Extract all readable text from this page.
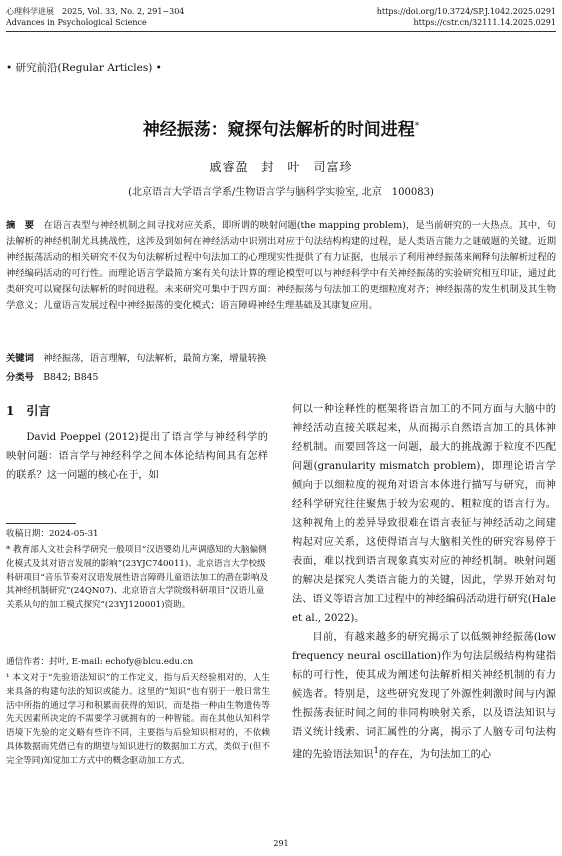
心理科学进展　2025, Vol. 33, No. 2, 291−304
Advances in Psychological Science
https://doi.org/10.3724/SP.J.1042.2025.0291
https://cstr.cn/32111.14.2025.0291
• 研究前沿(Regular Articles) •
神经振荡：窥探句法解析的时间进程*
戚睿盈　封　叶　司富珍
(北京语言大学语言学系/生物语言学与脑科学实验室, 北京　100083)
摘　要　 在语言表型与神经机制之间寻找对应关系，即所谓的映射问题(the mapping problem)，是当前研究的一大热点。其中，句法解析的神经机制尤具挑战性，这涉及到如何在神经活动中识别出对应于句法结构构建的过程，是人类语言能力之谜破题的关键。近期神经振荡活动的相关研究不仅为句法解析过程中句法加工的心理现实性提供了有力证据，也展示了利用神经振荡来阐释句法解析过程的神经编码活动的可行性。而理论语言学最简方案有关句法计算的理论模型可以与神经科学中有关神经振荡的实验研究相互印证，通过此类研究可以窥探句法解析的时间进程。未来研究可集中于四方面：神经振荡与句法加工的更细粒度对齐；神经振荡的发生机制及其生物学意义；儿童语言发展过程中神经振荡的变化模式；语言障碍神经生理基础及其康复应用。
关键词　 神经振荡，语言理解，句法解析，最简方案，增量转换
分类号　 B842; B845
1　引言
David Poeppel (2012)提出了语言学与神经科学的映射问题：语言学与神经科学之间本体论结构间具有怎样的联系？这一问题的核心在于，如
收稿日期：2024-05-31
* 教育部人文社会科学研究一般项目“汉语婴幼儿声调感知的大脑偏侧化模式及其对语言发展的影响”(23YJC740011)、北京语言大学校级科研项目“音乐节奏对汉语发展性语言障碍儿童语法加工的潜在影响及其神经机制研究”(24QN07)、北京语言大学院级科研项目“汉语儿童关系从句的加工模式探究”(23YJ120001)资助。
通信作者：封叶, E-mail: echofy@blcu.edu.cn
¹ 本文对于“先验语法知识”的工作定义，指与后天经验相对的，人生来具备的构建句法的知识或能力。这里的“知识”也有别于一般日常生活中所指的通过学习和积累而获得的知识，而是指一种由生物遗传等先天因素所决定的不需要学习就拥有的一种智能。而在其他认知科学语境下先验的定义略有些许不同，主要指与后验知识相对的，不依赖具体数据而凭借已有的期望与知识进行的数据加工方式，类似于(但不完全等同)知觉加工方式中的概念驱动加工方式。

何以一种诠释性的框架将语言加工的不同方面与大脑中的神经活动直接关联起来，从而揭示自然语言加工的具体神经机制。而要回答这一问题，最大的挑战源于粒度不匹配问题(granularity mismatch problem)，即理论语言学倾向于以细粒度的视角对语言本体进行描写与研究，而神经科学研究往往聚焦于较为宏观的、粗粒度的语言行为。这种视角上的差异导致很难在语言表征与神经活动之间建构起对应关系，这使得语言与大脑相关性的研究容易停于表面，难以找到语言现象真实对应的神经机制。映射问题的解决是探究人类语言能力的关键，因此，学界开始对句法、语义等语言加工过程中的神经编码活动进行研究(Hale et al., 2022)。

目前，有越来越多的研究揭示了以低频神经振荡(low frequency neural oscillation)作为句法层级结构构建指标的可行性，使其成为阐述句法解析相关神经机制的有力候选者。特别是，这些研究发现了外源性刺激时间与内源性振荡表征时间之间的非同构映射关系，以及语法知识与语义统计线索、词汇属性的分离，揭示了人脑专司句法构建的先验语法知识$^1$的存在，为句法加工的心

291
